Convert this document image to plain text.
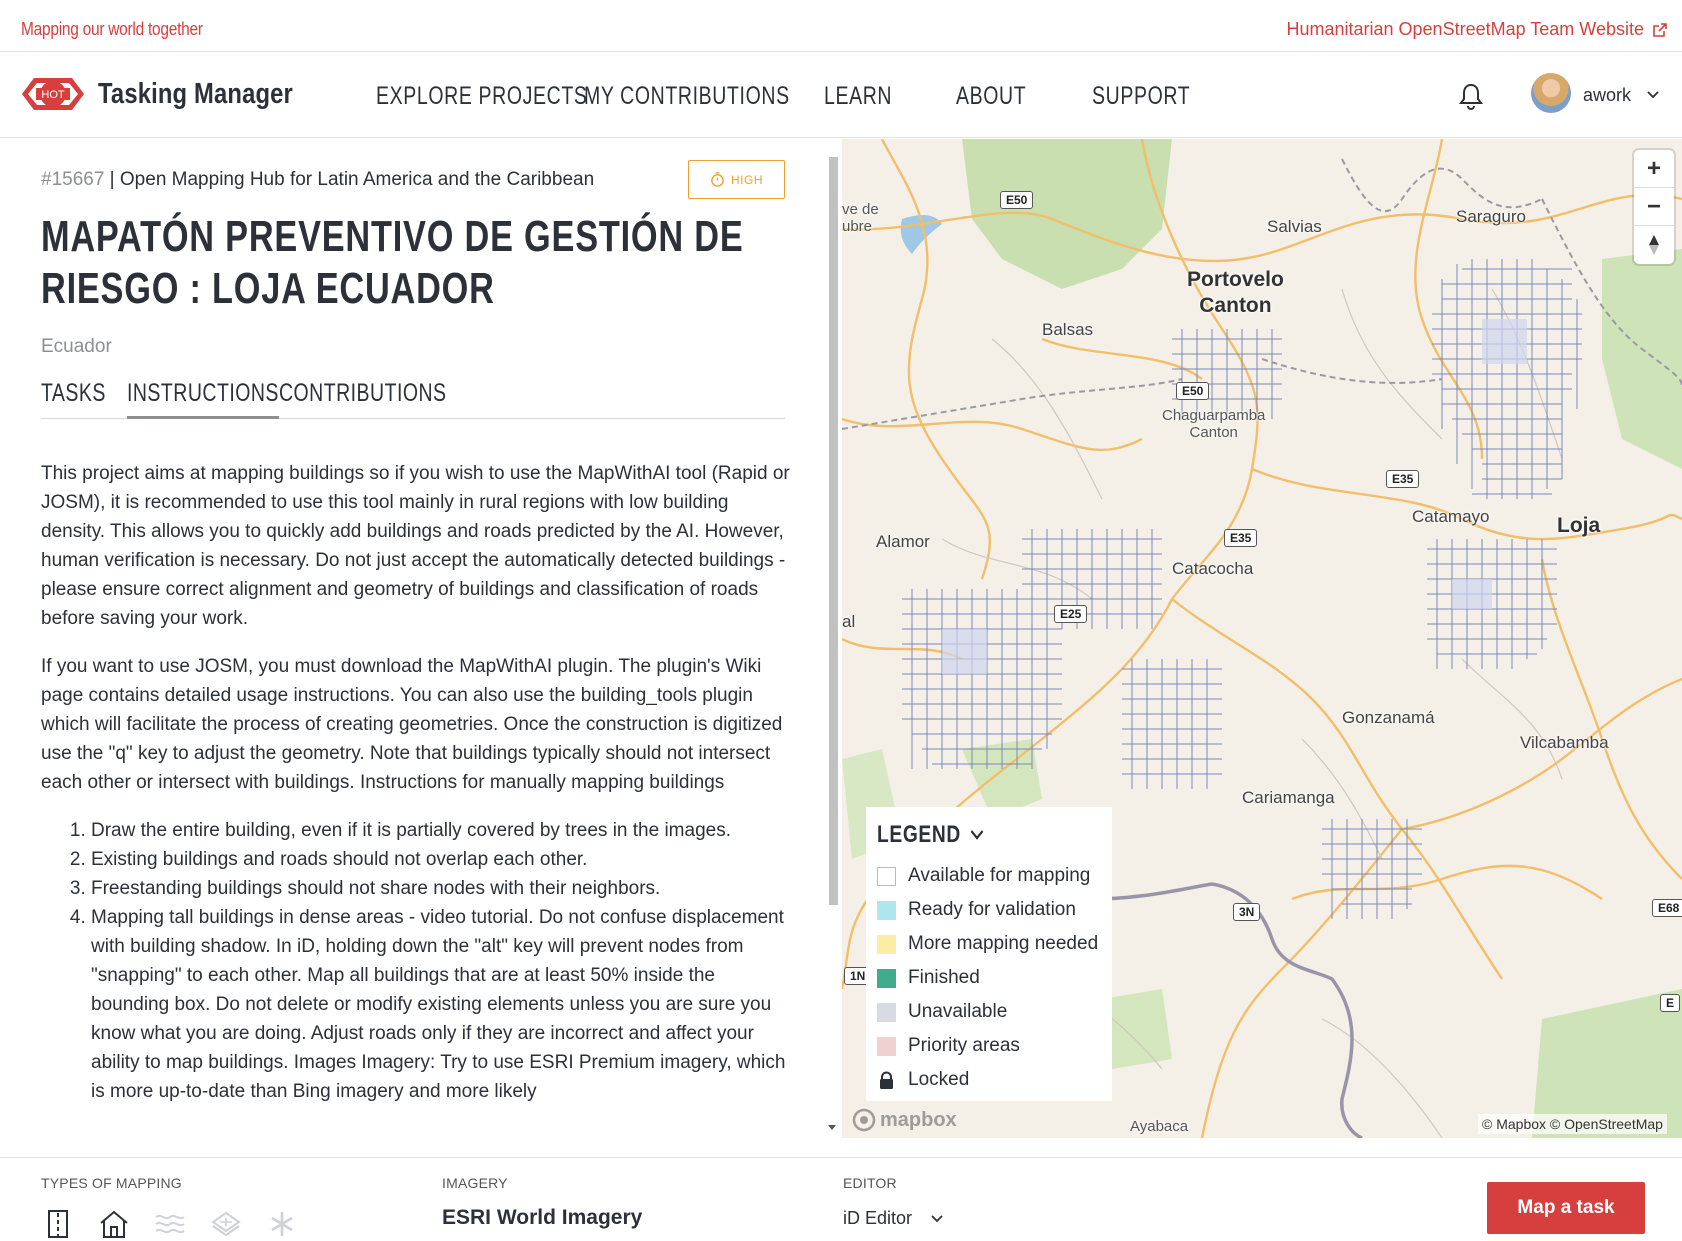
Mapping our world together	Humanitarian OpenStreetMap Team Website
HOT Tasking Manager	EXPLORE PROJECTS
MY CONTRIBUTIONS LEARN	ABOUT	SUPPORT	awork
#15667 | Open Mapping Hub for Latin America and the Caribbean	HIGH
MAPATÓN PREVENTIVO DE GESTIÓN DE RIESGO : LOJA ECUADOR
Ecuador
TASKS INSTRUCTIONS CONTRIBUTIONS

This project aims at mapping buildings so if you wish to use the MapWithAI tool (Rapid or JOSM), it is recommended to use this tool mainly in rural regions with low building density. This allows you to quickly add buildings and roads predicted by the AI. However, human verification is necessary. Do not just accept the automatically detected buildings - please ensure correct alignment and geometry of buildings and classification of roads before saving your work.

If you want to use JOSM, you must download the MapWithAI plugin. The plugin's Wiki page contains detailed usage instructions. You can also use the building_tools plugin which will facilitate the process of creating geometries. Once the construction is digitized use the "q" key to adjust the geometry. Note that buildings typically should not intersect each other or intersect with buildings. Instructions for manually mapping buildings

1. Draw the entire building, even if it is partially covered by trees in the images.
2. Existing buildings and roads should not overlap each other.
3. Freestanding buildings should not share nodes with their neighbors.
4. Mapping tall buildings in dense areas - video tutorial. Do not confuse displacement with building shadow. In iD, holding down the "alt" key will prevent nodes from "snapping" to each other. Map all buildings that are at least 50% inside the bounding box. Do not delete or modify existing elements unless you are sure you know what you are doing. Adjust roads only if they are incorrect and affect your ability to map buildings. Images Imagery: Try to use ESRI Premium imagery, which is more up-to-date than Bing imagery and more likely
Salvias
Saraguro
Portovelo
Canton
Balsas
Chaguarpamba
Canton
Catamayo	Loja
Alamor
Catacocha
Gonzanamá
Vilcabamba
Cariamanga
Ayabaca
ve de
ubre
al
E50
E50
E35
E35
E25
3N
1N
E68
E
+
−
mapbox	© Mapbox © OpenStreetMap
LEGEND
Available for mapping
Ready for validation
More mapping needed
Finished
Unavailable
Priority areas
Locked
TYPES OF MAPPING	IMAGERY
ESRI World Imagery
EDITOR
iD Editor	Map a task
